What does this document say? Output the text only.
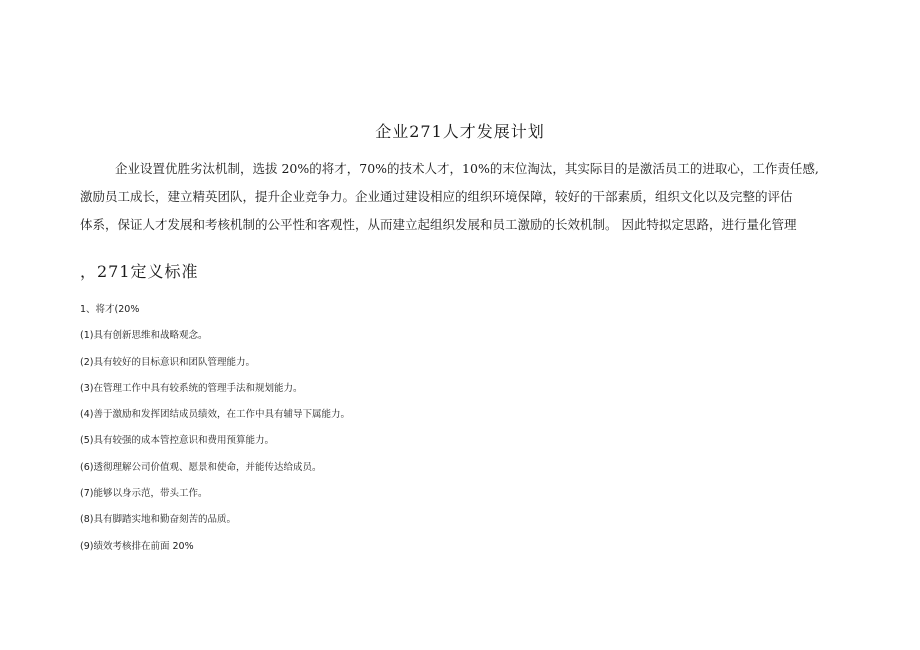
企业271人才发展计划
企业设置优胜劣汰机制，选拔 20%的将才，70%的技术人才，10%的末位淘汰，其实际目的是激活员工的进取心，工作责任感,
激励员工成长，建立精英团队，提升企业竞争力。企业通过建设相应的组织环境保障，较好的干部素质，组织文化以及完整的评估
体系，保证人才发展和考核机制的公平性和客观性，从而建立起组织发展和员工激励的长效机制。 因此特拟定思路，进行量化管理
，271定义标准
1、将才(20%
(1)具有创新思维和战略观念。
(2)具有较好的目标意识和团队管理能力。
(3)在管理工作中具有较系统的管理手法和规划能力。
(4)善于激励和发挥团结成员绩效，在工作中具有辅导下属能力。
(5)具有较强的成本管控意识和费用预算能力。
(6)透彻理解公司价值观、愿景和使命，并能传达给成员。
(7)能够以身示范，带头工作。
(8)具有脚踏实地和勤奋刻苦的品质。
(9)绩效考核排在前面 20%
